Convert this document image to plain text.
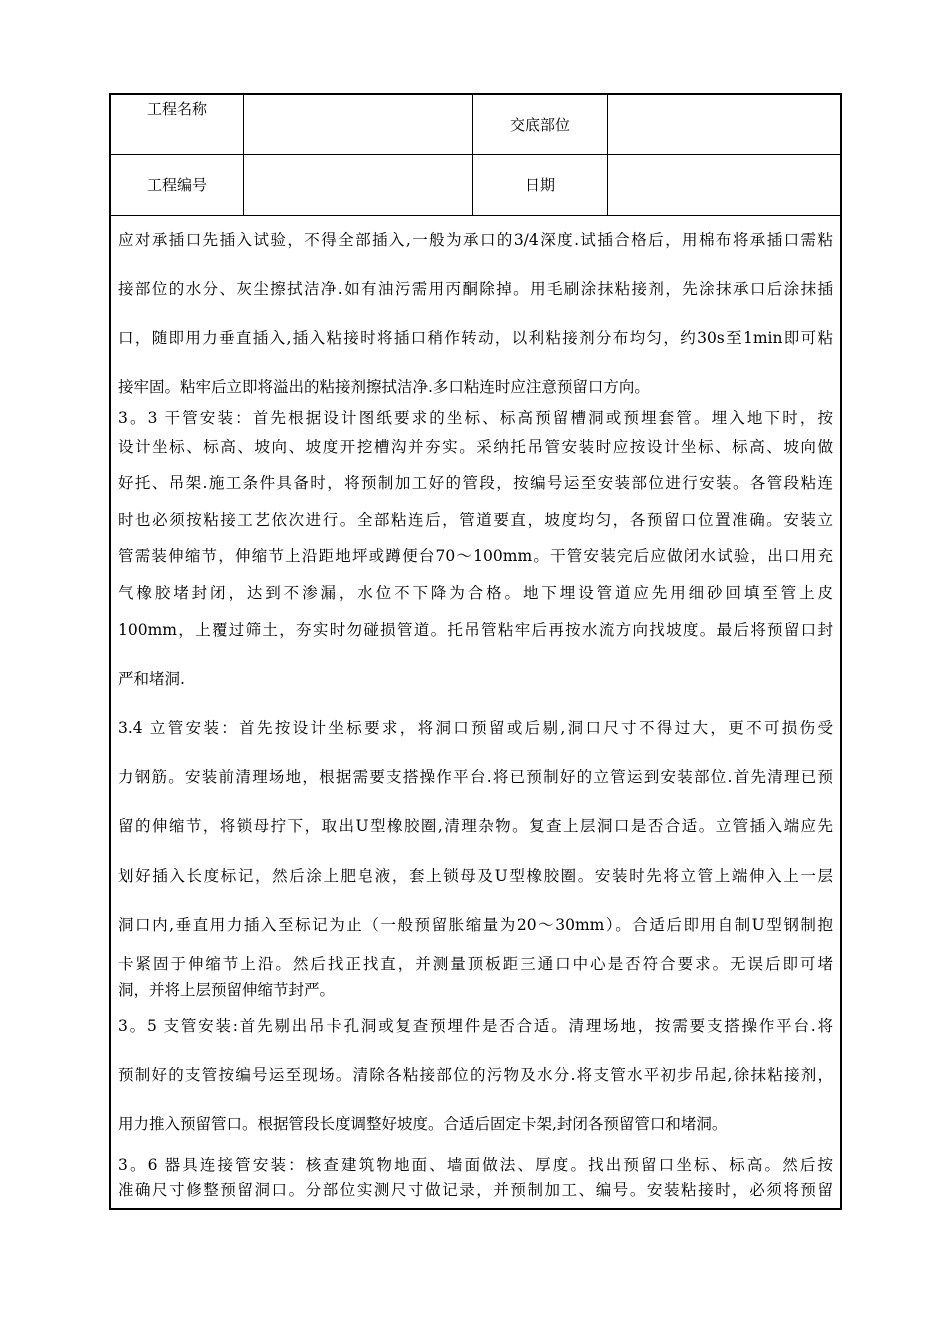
工程名称
交底部位
工程编号	日期
应对承插口先插入试验，不得全部插入,一般为承口的3/4深度.试插合格后，用棉布将承插口需粘
接部位的水分、灰尘擦拭洁净.如有油污需用丙酮除掉。用毛刷涂抹粘接剂，先涂抹承口后涂抹插
口，随即用力垂直插入,插入粘接时将插口稍作转动，以利粘接剂分布均匀，约30s至1min即可粘
接牢固。粘牢后立即将溢出的粘接剂擦拭洁净.多口粘连时应注意预留口方向。
3。3 干管安装：首先根据设计图纸要求的坐标、标高预留槽洞或预埋套管。埋入地下时，按
设计坐标、标高、坡向、坡度开挖槽沟并夯实。采纳托吊管安装时应按设计坐标、标高、坡向做
好托、吊架.施工条件具备时，将预制加工好的管段，按编号运至安装部位进行安装。各管段粘连
时也必须按粘接工艺依次进行。全部粘连后，管道要直，坡度均匀，各预留口位置准确。安装立
管需装伸缩节，伸缩节上沿距地坪或蹲便台70～100mm。干管安装完后应做闭水试验，出口用充
气橡胶堵封闭，达到不渗漏，水位不下降为合格。地下埋设管道应先用细砂回填至管上皮
100mm，上覆过筛土，夯实时勿碰损管道。托吊管粘牢后再按水流方向找坡度。最后将预留口封
严和堵洞.
3.4 立管安装：首先按设计坐标要求，将洞口预留或后剔,洞口尺寸不得过大，更不可损伤受
力钢筋。安装前清理场地，根据需要支搭操作平台.将已预制好的立管运到安装部位.首先清理已预
留的伸缩节，将锁母拧下，取出U型橡胶圈,清理杂物。复查上层洞口是否合适。立管插入端应先
划好插入长度标记，然后涂上肥皂液，套上锁母及U型橡胶圈。安装时先将立管上端伸入上一层
洞口内,垂直用力插入至标记为止（一般预留胀缩量为20～30mm）。合适后即用自制U型钢制抱
卡紧固于伸缩节上沿。然后找正找直，并测量顶板距三通口中心是否符合要求。无误后即可堵
洞，并将上层预留伸缩节封严。
3。5 支管安装:首先剔出吊卡孔洞或复查预埋件是否合适。清理场地，按需要支搭操作平台.将
预制好的支管按编号运至现场。清除各粘接部位的污物及水分.将支管水平初步吊起,徐抹粘接剂，
用力推入预留管口。根据管段长度调整好坡度。合适后固定卡架,封闭各预留管口和堵洞。
3。6 器具连接管安装：核查建筑物地面、墙面做法、厚度。找出预留口坐标、标高。然后按
准确尺寸修整预留洞口。分部位实测尺寸做记录，并预制加工、编号。安装粘接时，必须将预留
